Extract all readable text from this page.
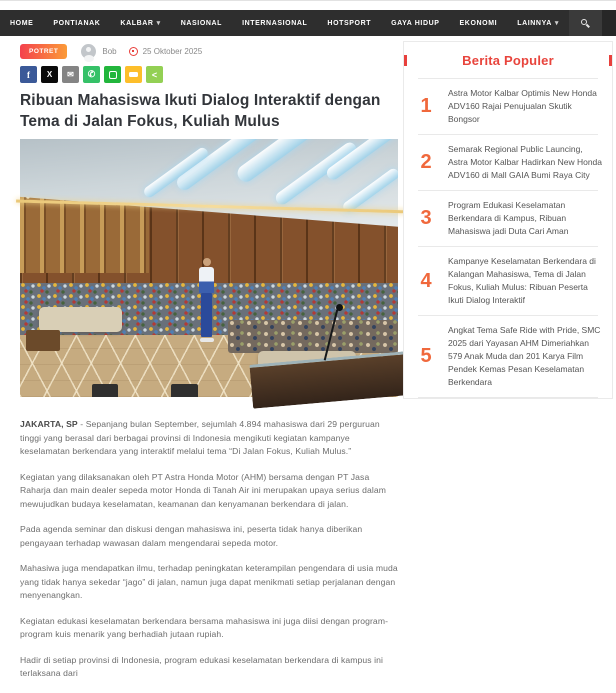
HOME	PONTIANAK	KALBAR ▾	NASIONAL	INTERNASIONAL	HOTSPORT	GAYA HIDUP	EKONOMI	LAINNYA ▾
POTRET	Bob	25 Oktober 2025
f X ✉ ✆	<
Ribuan Mahasiswa Ikuti Dialog Interaktif dengan Tema di Jalan Fokus, Kuliah Mulus

JAKARTA, SP - Sepanjang bulan September, sejumlah 4.894 mahasiswa dari 29 perguruan tinggi yang berasal dari berbagai provinsi di Indonesia mengikuti kegiatan kampanye keselamatan berkendara yang interaktif melalui tema “Di Jalan Fokus, Kuliah Mulus.”

Kegiatan yang dilaksanakan oleh PT Astra Honda Motor (AHM) bersama dengan PT Jasa Raharja dan main dealer sepeda motor Honda di Tanah Air ini merupakan upaya serius dalam mewujudkan budaya keselamatan, keamanan dan kenyamanan berkendara di jalan.

Pada agenda seminar dan diskusi dengan mahasiswa ini, peserta tidak hanya diberikan pengayaan terhadap wawasan dalam mengendarai sepeda motor.

Mahasiwa juga mendapatkan ilmu, terhadap peningkatan keterampilan pengendara di usia muda yang tidak hanya sekedar “jago” di jalan, namun juga dapat menikmati setiap perjalanan dengan menyenangkan.

Kegiatan edukasi keselamatan berkendara bersama mahasiswa ini juga diisi dengan program-program kuis menarik yang berhadiah jutaan rupiah.

Hadir di setiap provinsi di Indonesia, program edukasi keselamatan berkendara di kampus ini terlaksana dari

Berita Populer
1
Astra Motor Kalbar Optimis New Honda ADV160 Rajai Penujualan Skutik Bongsor
2
Semarak Regional Public Launcing, Astra Motor Kalbar Hadirkan New Honda ADV160 di Mall GAIA Bumi Raya City
3
Program Edukasi Keselamatan Berkendara di Kampus, Ribuan Mahasiswa jadi Duta Cari Aman
4
Kampanye Keselamatan Berkendara di Kalangan Mahasiswa, Tema di Jalan Fokus, Kuliah Mulus: Ribuan Peserta Ikuti Dialog Interaktif
5
Angkat Tema Safe Ride with Pride, SMC 2025 dari Yayasan AHM Dimeriahkan 579 Anak Muda dan 201 Karya Film Pendek Kemas Pesan Keselamatan Berkendara
